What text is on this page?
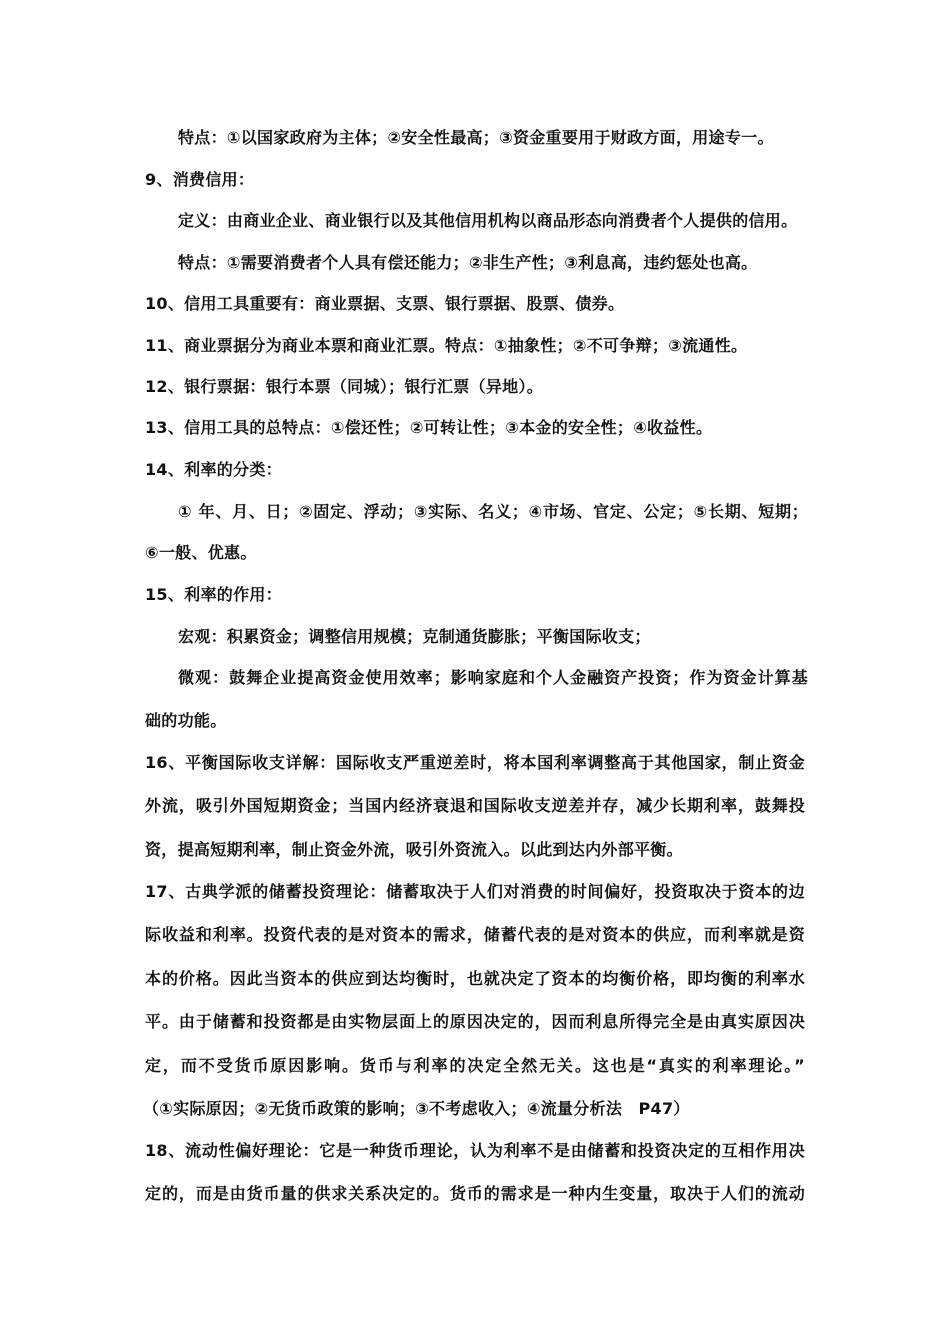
特点：①以国家政府为主体；②安全性最高；③资金重要用于财政方面，用途专一。
9、消费信用：
定义：由商业企业、商业银行以及其他信用机构以商品形态向消费者个人提供的信用。
特点：①需要消费者个人具有偿还能力；②非生产性；③利息高，违约惩处也高。
10、信用工具重要有：商业票据、支票、银行票据、股票、债券。
11、商业票据分为商业本票和商业汇票。特点：①抽象性；②不可争辩；③流通性。
12、银行票据：银行本票（同城）；银行汇票（异地）。
13、信用工具的总特点：①偿还性；②可转让性；③本金的安全性；④收益性。
14、利率的分类：
① 年、月、日；②固定、浮动；③实际、名义；④市场、官定、公定；⑤长期、短期；
⑥一般、优惠。
15、利率的作用：
宏观：积累资金；调整信用规模；克制通货膨胀；平衡国际收支；
微观：鼓舞企业提高资金使用效率；影响家庭和个人金融资产投资；作为资金计算基
础的功能。
16、平衡国际收支详解：国际收支严重逆差时，将本国利率调整高于其他国家，制止资金
外流，吸引外国短期资金；当国内经济衰退和国际收支逆差并存，减少长期利率，鼓舞投
资，提高短期利率，制止资金外流，吸引外资流入。以此到达内外部平衡。
17、古典学派的储蓄投资理论：储蓄取决于人们对消费的时间偏好，投资取决于资本的边
际收益和利率。投资代表的是对资本的需求，储蓄代表的是对资本的供应，而利率就是资
本的价格。因此当资本的供应到达均衡时，也就决定了资本的均衡价格，即均衡的利率水
平。由于储蓄和投资都是由实物层面上的原因决定的，因而利息所得完全是由真实原因决
定，而不受货币原因影响。货币与利率的决定全然无关。这也是“真实的利率理论。”
（①实际原因；②无货币政策的影响；③不考虑收入；④流量分析法　P47）
18、流动性偏好理论：它是一种货币理论，认为利率不是由储蓄和投资决定的互相作用决
定的，而是由货币量的供求关系决定的。货币的需求是一种内生变量，取决于人们的流动
